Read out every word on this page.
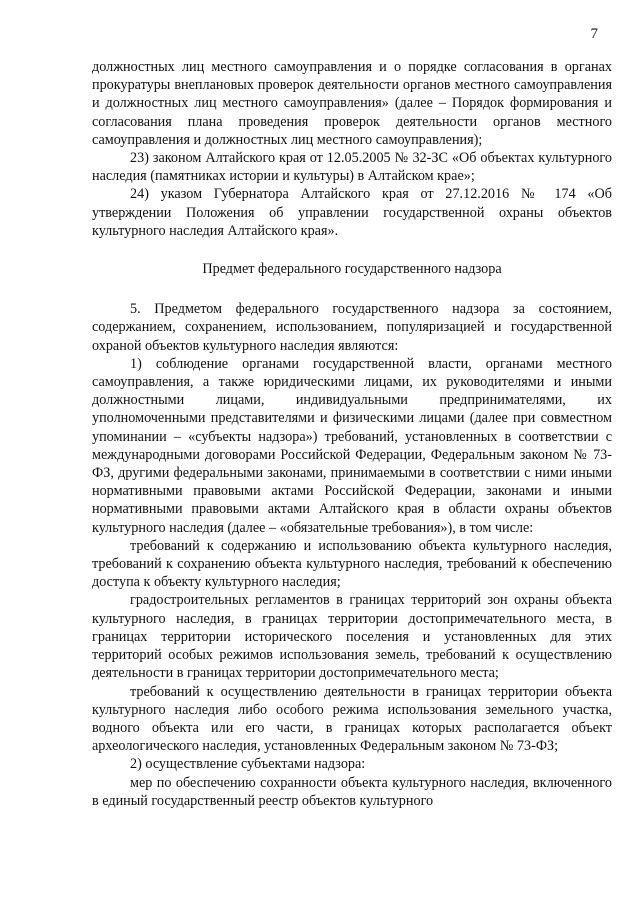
7

должностных лиц местного самоуправления и о порядке согласования в органах прокуратуры внеплановых проверок деятельности органов местного самоуправления и должностных лиц местного самоуправления» (далее – Порядок формирования и согласования плана проведения проверок деятельности органов местного самоуправления и должностных лиц местного самоуправления);

23) законом Алтайского края от 12.05.2005 № 32-ЗС «Об объектах культурного наследия (памятниках истории и культуры) в Алтайском крае»;

24) указом Губернатора Алтайского края от 27.12.2016 № 174 «Об утверждении Положения об управлении государственной охраны объектов культурного наследия Алтайского края».

Предмет федерального государственного надзора

5. Предметом федерального государственного надзора за состоянием, содержанием, сохранением, использованием, популяризацией и государственной охраной объектов культурного наследия являются:

1) соблюдение органами государственной власти, органами местного самоуправления, а также юридическими лицами, их руководителями и иными должностными лицами, индивидуальными предпринимателями, их уполномоченными представителями и физическими лицами (далее при совместном упоминании – «субъекты надзора») требований, установленных в соответствии с международными договорами Российской Федерации, Федеральным законом № 73-ФЗ, другими федеральными законами, принимаемыми в соответствии с ними иными нормативными правовыми актами Российской Федерации, законами и иными нормативными правовыми актами Алтайского края в области охраны объектов культурного наследия (далее – «обязательные требования»), в том числе:

требований к содержанию и использованию объекта культурного наследия, требований к сохранению объекта культурного наследия, требований к обеспечению доступа к объекту культурного наследия;

градостроительных регламентов в границах территорий зон охраны объекта культурного наследия, в границах территории достопримечательного места, в границах территории исторического поселения и установленных для этих территорий особых режимов использования земель, требований к осуществлению деятельности в границах территории достопримечательного места;

требований к осуществлению деятельности в границах территории объекта культурного наследия либо особого режима использования земельного участка, водного объекта или его части, в границах которых располагается объект археологического наследия, установленных Федеральным законом № 73-ФЗ;

2) осуществление субъектами надзора:

мер по обеспечению сохранности объекта культурного наследия, включенного в единый государственный реестр объектов культурного
